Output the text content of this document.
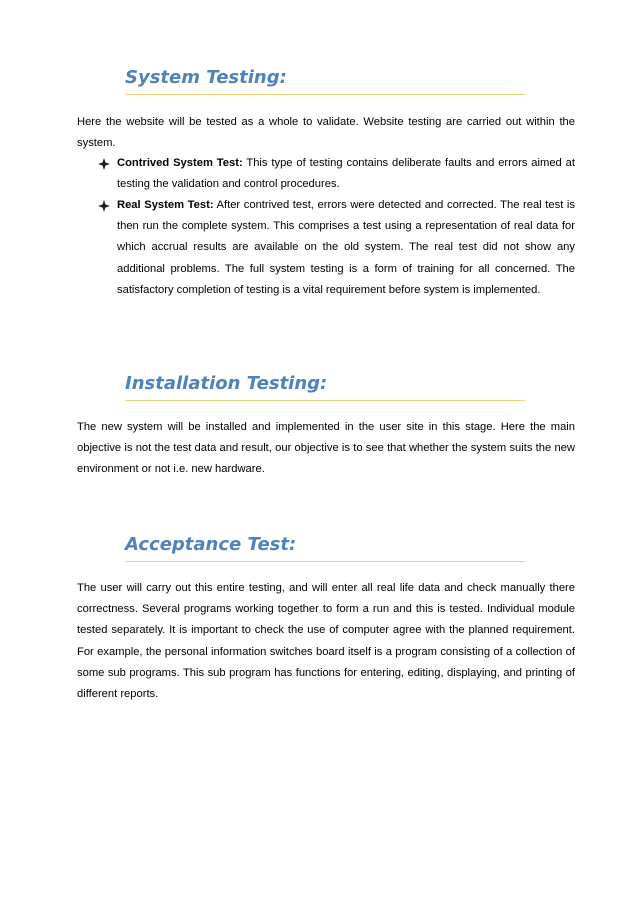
System Testing:
Here the website will be tested as a whole to validate. Website testing are carried out within the system.
Contrived System Test: This type of testing contains deliberate faults and errors aimed at testing the validation and control procedures.
Real System Test: After contrived test, errors were detected and corrected. The real test is then run the complete system. This comprises a test using a representation of real data for which accrual results are available on the old system. The real test did not show any additional problems. The full system testing is a form of training for all concerned. The satisfactory completion of testing is a vital requirement before system is implemented.
Installation Testing:
The new system will be installed and implemented in the user site in this stage. Here the main objective is not the test data and result, our objective is to see that whether the system suits the new environment or not i.e. new hardware.
Acceptance Test:
The user will carry out this entire testing, and will enter all real life data and check manually there correctness. Several programs working together to form a run and this is tested. Individual module tested separately. It is important to check the use of computer agree with the planned requirement. For example, the personal information switches board itself is a program consisting of a collection of some sub programs. This sub program has functions for entering, editing, displaying, and printing of different reports.
